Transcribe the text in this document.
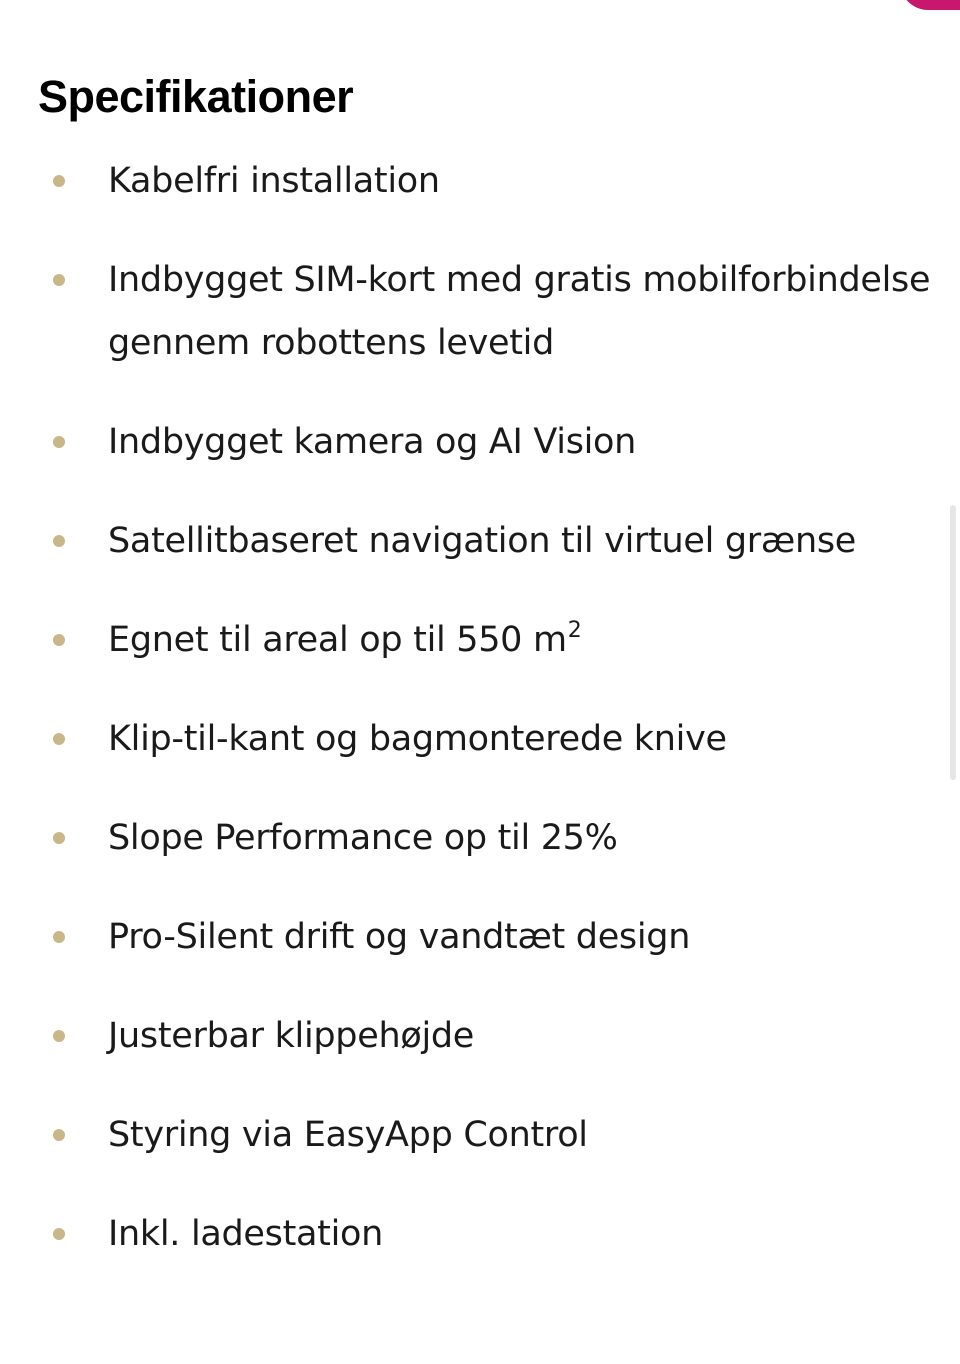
Specifikationer
Kabelfri installation
Indbygget SIM-kort med gratis mobilforbindelse gennem robottens levetid
Indbygget kamera og AI Vision
Satellitbaseret navigation til virtuel grænse
Egnet til areal op til 550 $m^2$
Klip-til-kant og bagmonterede knive
Slope Performance op til 25%
Pro-Silent drift og vandtæt design
Justerbar klippehøjde
Styring via EasyApp Control
Inkl. ladestation
